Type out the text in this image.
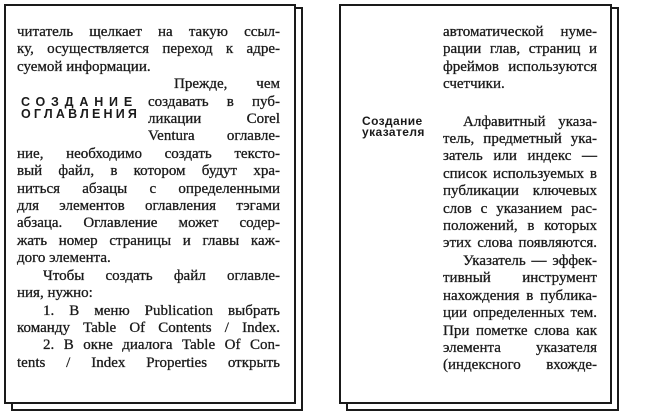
СОЗДАНИЕ
ОГЛАВЛЕНИЯ
читатель щелкает на такую ссыл-
ку, осуществляется переход к адре-
суемой информации.
Прежде, чем
создавать в пуб-
ликации Corel
Ventura оглавле-
ние, необходимо создать тексто-
вый файл, в котором будут хра-
ниться абзацы с определенными
для элементов оглавления тэгами
абзаца. Оглавление может содер-
жать номер страницы и главы каж-
дого элемента.
Чтобы создать файл оглавле-
ния, нужно:
1. В меню Publication выбрать
команду Table Of Contents / Index.
2. В окне диалога Table Of Con-
tents / Index Properties открыть
Создание
указателя
автоматической нуме-
рации глав, страниц и
фреймов используются
счетчики.
Алфавитный указа-
тель, предметный ука-
затель или индекс —
список используемых в
публикации ключевых
слов с указанием рас-
положений, в которых
этих слова появляются.
Указатель — эффек-
тивный инструмент
нахождения в публика-
ции определенных тем.
При пометке слова как
элемента указателя
(индексного вхожде-
